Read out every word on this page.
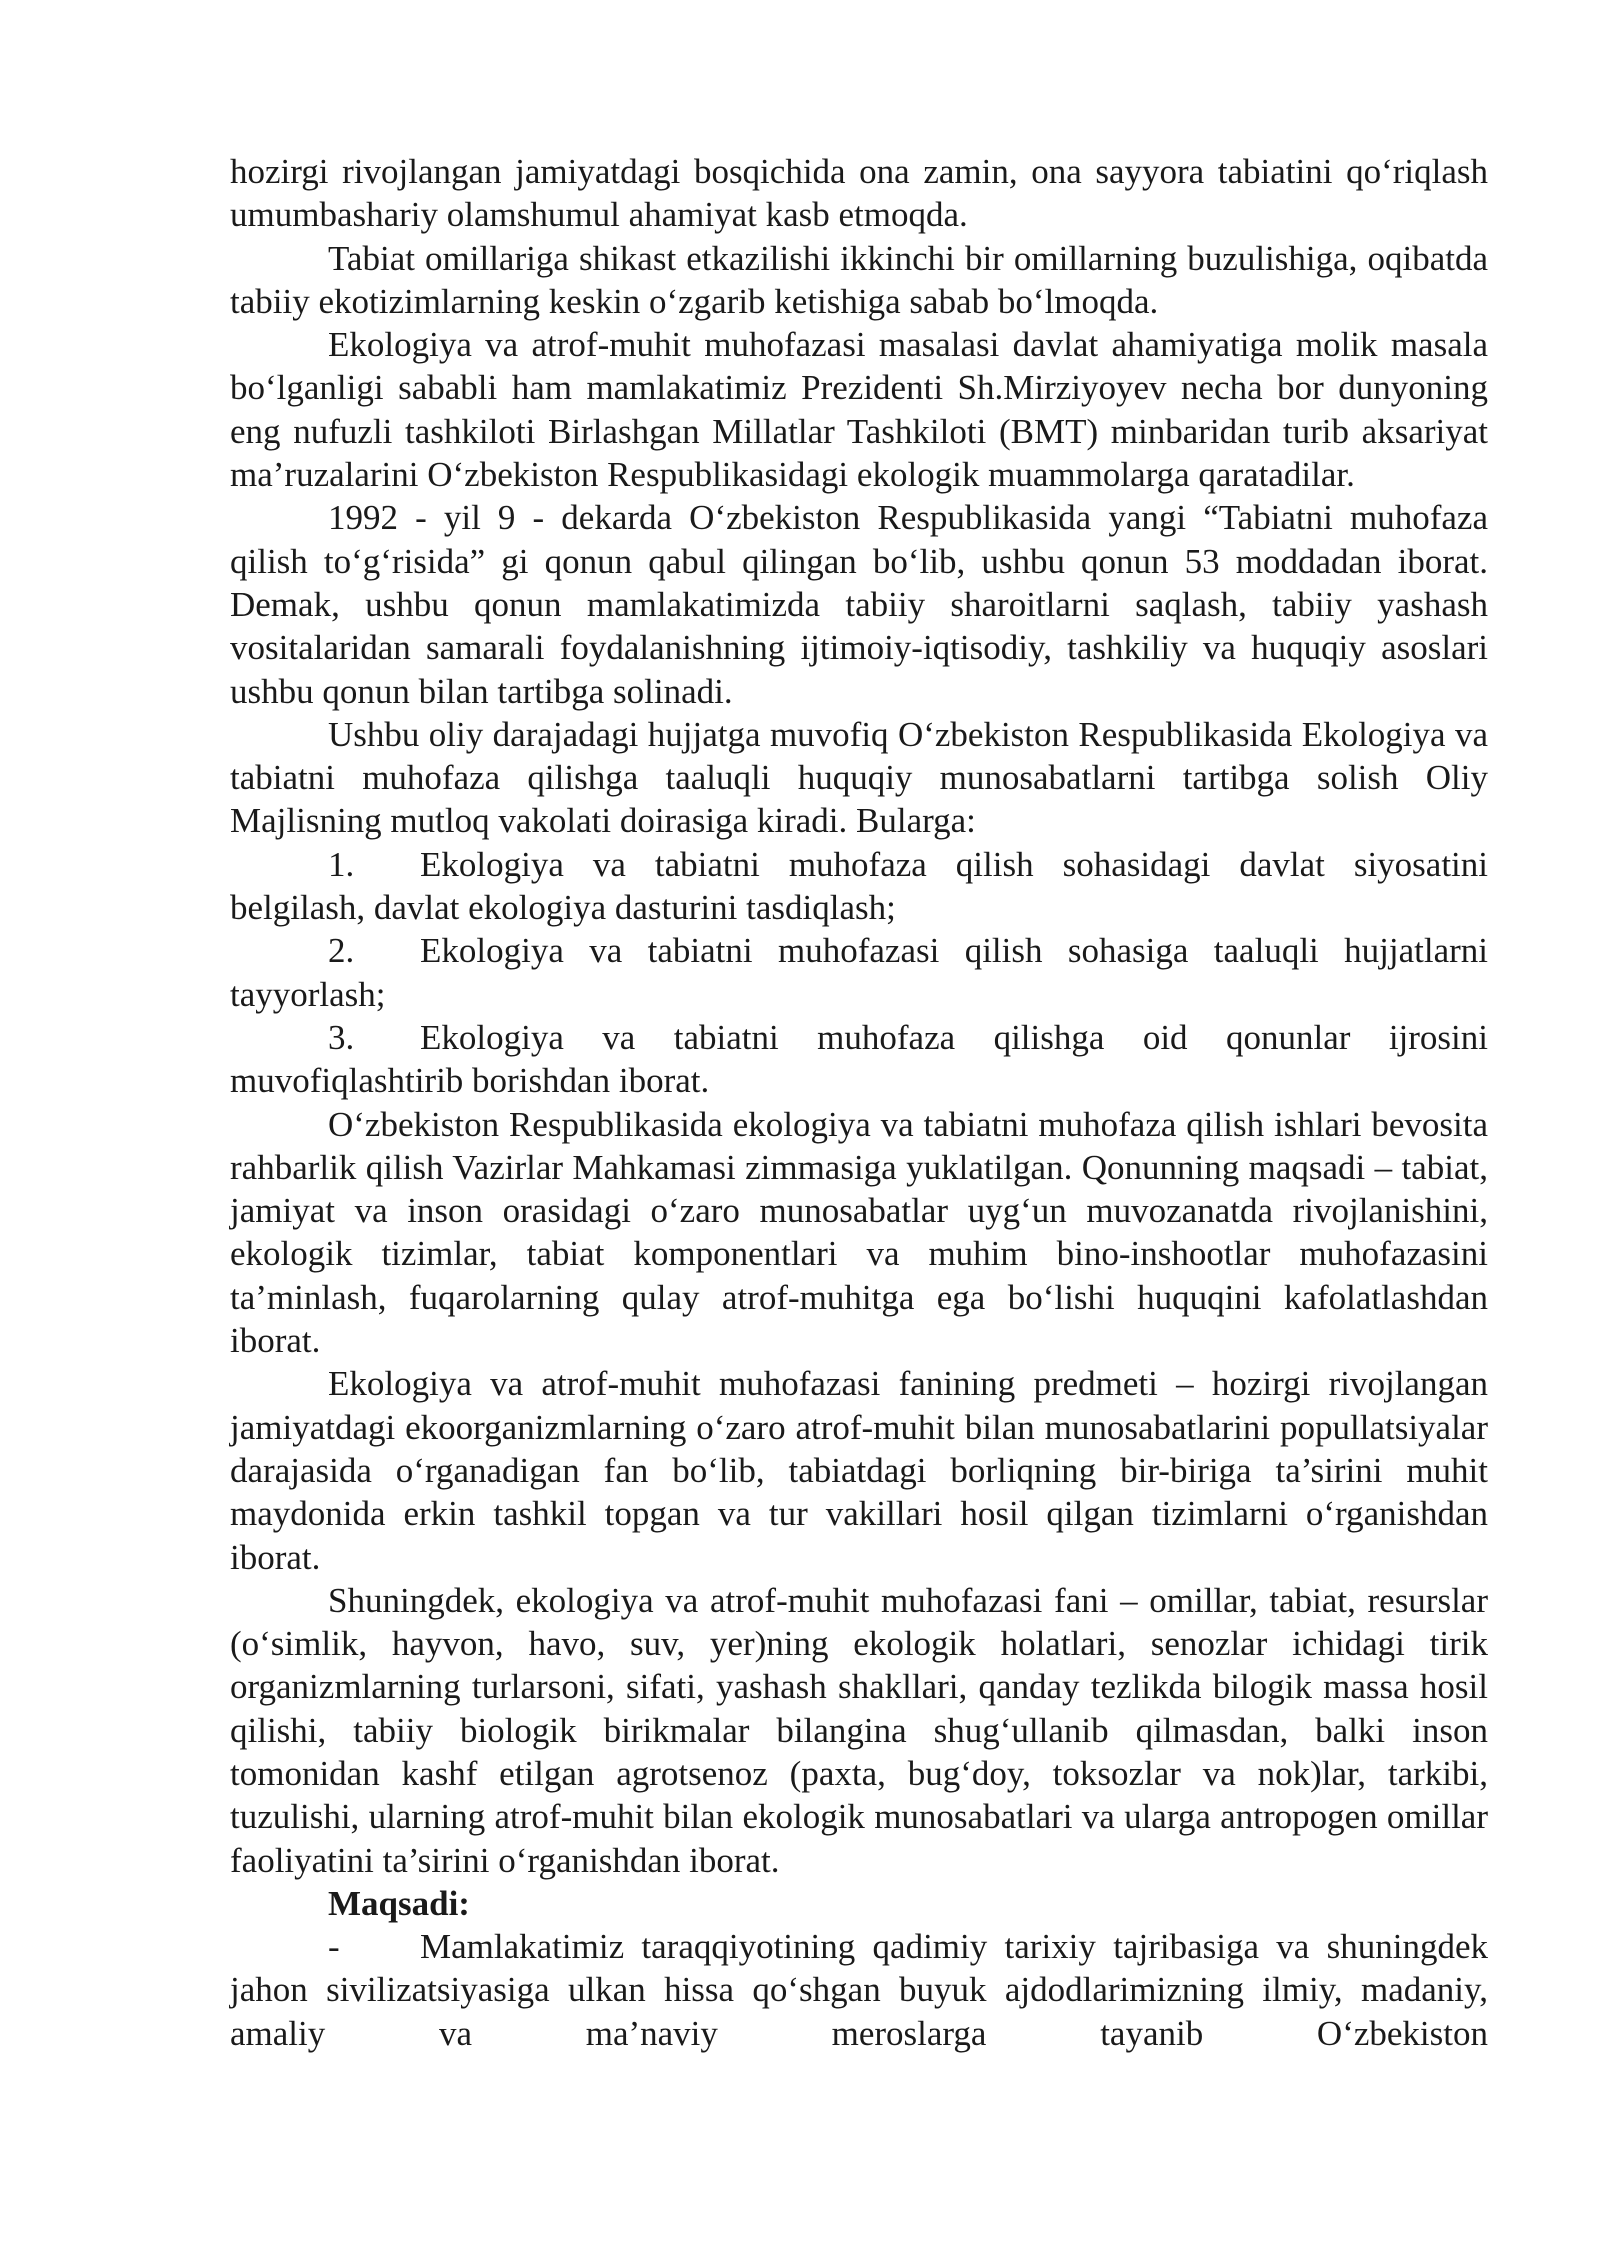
hozirgi rivojlangan jamiyatdagi bosqichida ona zamin, ona sayyora tabiatini qo‘riqlash umumbashariy olamshumul ahamiyat kasb etmoqda.

Tabiat omillariga shikast etkazilishi ikkinchi bir omillarning buzulishiga, oqibatda tabiiy ekotizimlarning keskin o‘zgarib ketishiga sabab bo‘lmoqda.

Ekologiya va atrof-muhit muhofazasi masalasi davlat ahamiyatiga molik masala bo‘lganligi sababli ham mamlakatimiz Prezidenti Sh.Mirziyoyev necha bor dunyoning eng nufuzli tashkiloti Birlashgan Millatlar Tashkiloti (BMT) minbaridan turib aksariyat ma’ruzalarini O‘zbekiston Respublikasidagi ekologik muammolarga qaratadilar.

1992 - yil 9 - dekarda O‘zbekiston Respublikasida yangi “Tabiatni muhofaza qilish to‘g‘risida” gi qonun qabul qilingan bo‘lib, ushbu qonun 53 moddadan iborat. Demak, ushbu qonun mamlakatimizda tabiiy sharoitlarni saqlash, tabiiy yashash vositalaridan samarali foydalanishning ijtimoiy-iqtisodiy, tashkiliy va huquqiy asoslari ushbu qonun bilan tartibga solinadi.

Ushbu oliy darajadagi hujjatga muvofiq O‘zbekiston Respublikasida Ekologiya va tabiatni muhofaza qilishga taaluqli huquqiy munosabatlarni tartibga solish Oliy Majlisning mutloq vakolati doirasiga kiradi. Bulargа:

1. Ekologiya va tabiatni muhofaza qilish sohasidagi davlat siyosatini belgilash, davlat ekologiya dasturini tasdiqlash;

2. Ekologiya va tabiatni muhofazasi qilish sohasiga taaluqli hujjatlarni tayyorlash;

3. Ekologiya va tabiatni muhofaza qilishga oid qonunlar ijrosini muvofiqlashtirib borishdan iborat.

O‘zbekiston Respublikasida ekologiya va tabiatni muhofaza qilish ishlari bevosita rahbarlik qilish Vazirlar Mahkamasi zimmasiga yuklatilgan. Qonunning maqsadi – tabiat, jamiyat va inson orasidagi o‘zaro munosabatlar uyg‘un muvozanatda rivojlanishini, ekologik tizimlar, tabiat komponentlari va muhim bino-inshootlar muhofazasini ta’minlash, fuqarolarning qulay atrof-muhitga ega bo‘lishi huquqini kafolatlashdan iborat.

Ekologiya va atrof-muhit muhofazasi fanining predmeti – hozirgi rivojlangan jamiyatdagi ekoorganizmlarning o‘zaro atrof-muhit bilan munosabatlarini popullatsiyalar darajasida o‘rganadigan fan bo‘lib, tabiatdagi borliqning bir-biriga ta’sirini muhit maydonida erkin tashkil topgan va tur vakillari hosil qilgan tizimlarni o‘rganishdan iborat.

Shuningdek, ekologiya va atrof-muhit muhofazasi fani – omillar, tabiat, resurslar (o‘simlik, hayvon, havo, suv, yer)ning ekologik holatlari, senozlar ichidagi tirik organizmlarning turlarsoni, sifati, yashash shakllari, qanday tezlikda bilogik massa hosil qilishi, tabiiy biologik birikmalar bilangina shug‘ullanib qilmasdan, balki inson tomonidan kashf etilgan agrotsenoz (paxta, bug‘doy, toksozlar va nok)lar, tarkibi, tuzulishi, ularning atrof-muhit bilan ekologik munosabatlari va ularga antropogen omillar faoliyatini ta’sirini o‘rganishdan iborat.

Maqsadi:

- Mamlakatimiz taraqqiyotining qadimiy tarixiy tajribasiga va shuningdek jahon sivilizatsiyasiga ulkan hissa qo‘shgan buyuk ajdodlarimizning ilmiy, madaniy, amaliy va ma’naviy meroslarga tayanib O‘zbekiston
